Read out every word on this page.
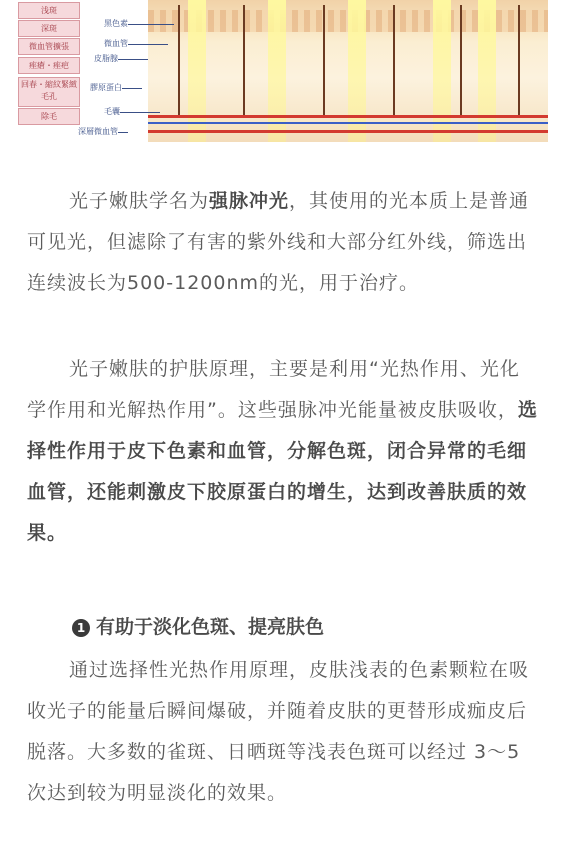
浅斑
深斑
微血管擴張
痤瘡・痤疤
回春・縮紋緊緻毛孔
除毛
黑色素
微血管
皮脂腺
膠原蛋白
毛囊
深層微血管

光子嫩肤学名为强脉冲光，其使用的光本质上是普通可见光，但滤除了有害的紫外线和大部分红外线，筛选出连续波长为500-1200nm的光，用于治疗。

光子嫩肤的护肤原理，主要是利用“光热作用、光化学作用和光解热作用”。这些强脉冲光能量被皮肤吸收，选择性作用于皮下色素和血管，分解色斑，闭合异常的毛细血管，还能刺激皮下胶原蛋白的增生，达到改善肤质的效果。

1 有助于淡化色斑、提亮肤色

通过选择性光热作用原理，皮肤浅表的色素颗粒在吸收光子的能量后瞬间爆破，并随着皮肤的更替形成痂皮后脱落。大多数的雀斑、日晒斑等浅表色斑可以经过 3～5 次达到较为明显淡化的效果。
